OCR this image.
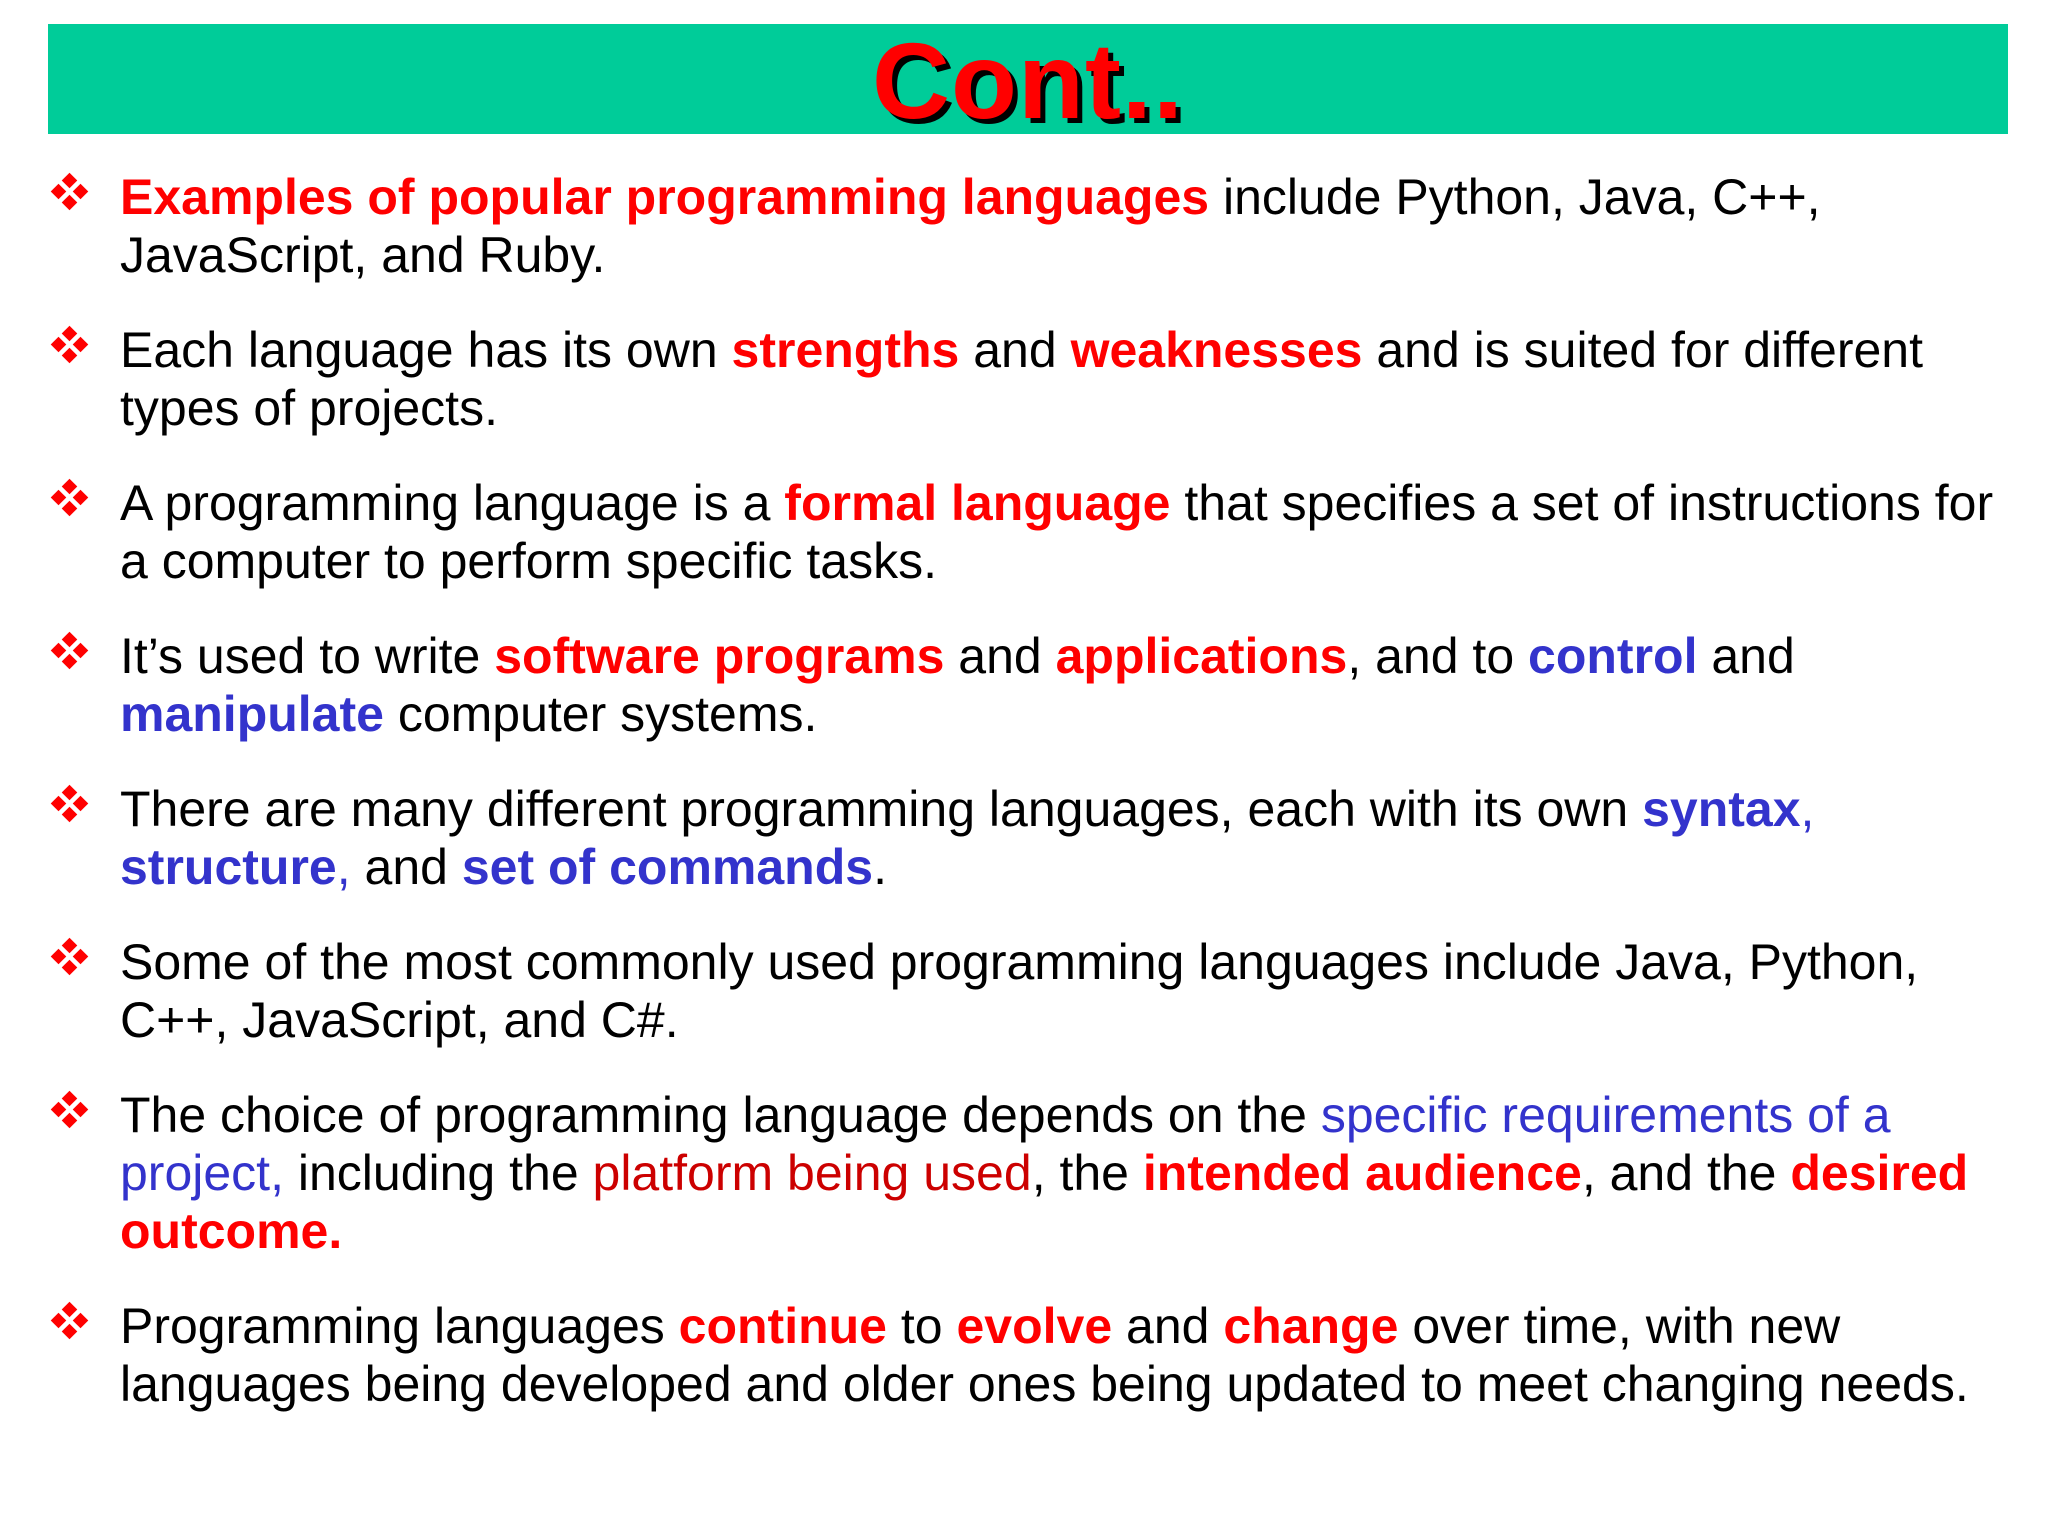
Cont..
Examples of popular programming languages include Python, Java, C++, JavaScript, and Ruby.
Each language has its own strengths and weaknesses and is suited for different types of projects.
A programming language is a formal language that specifies a set of instructions for a computer to perform specific tasks.
It’s used to write software programs and applications, and to control and manipulate computer systems.
There are many different programming languages, each with its own syntax, structure, and set of commands.
Some of the most commonly used programming languages include Java, Python, C++, JavaScript, and C#.
The choice of programming language depends on the specific requirements of a project, including the platform being used, the intended audience, and the desired outcome.
Programming languages continue to evolve and change over time, with new languages being developed and older ones being updated to meet changing needs.
